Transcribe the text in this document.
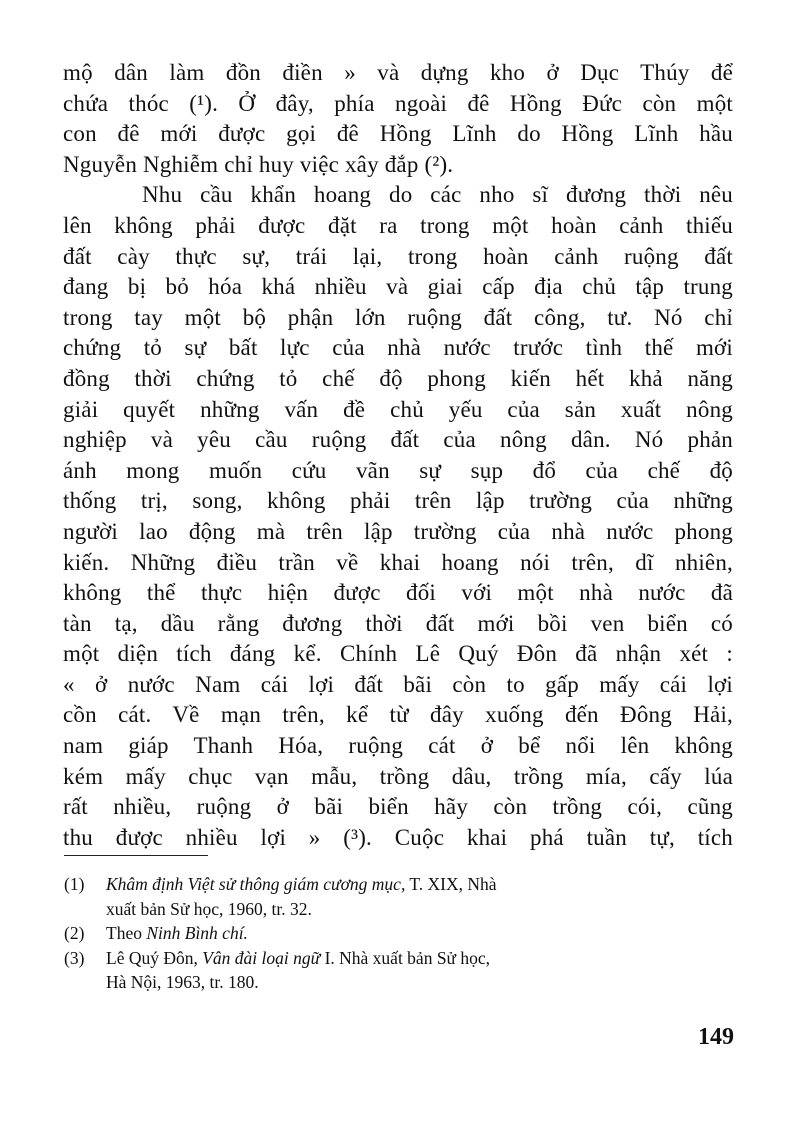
mộ dân làm đồn điền » và dựng kho ở Dục Thúy để
chứa thóc (¹). Ở đây, phía ngoài đê Hồng Đức còn một
con đê mới được gọi đê Hồng Lĩnh do Hồng Lĩnh hầu
Nguyễn Nghiễm chỉ huy việc xây đắp (²).
Nhu cầu khẩn hoang do các nho sĩ đương thời nêu
lên không phải được đặt ra trong một hoàn cảnh thiếu
đất cày thực sự, trái lại, trong hoàn cảnh ruộng đất
đang bị bỏ hóa khá nhiều và giai cấp địa chủ tập trung
trong tay một bộ phận lớn ruộng đất công, tư. Nó chỉ
chứng tỏ sự bất lực của nhà nước trước tình thế mới
đồng thời chứng tỏ chế độ phong kiến hết khả năng
giải quyết những vấn đề chủ yếu của sản xuất nông
nghiệp và yêu cầu ruộng đất của nông dân. Nó phản
ánh mong muốn cứu vãn sự sụp đổ của chế độ
thống trị, song, không phải trên lập trường của những
người lao động mà trên lập trường của nhà nước phong
kiến. Những điều trần về khai hoang nói trên, dĩ nhiên,
không thể thực hiện được đối với một nhà nước đã
tàn tạ, dầu rằng đương thời đất mới bồi ven biển có
một diện tích đáng kể. Chính Lê Quý Đôn đã nhận xét :
« ở nước Nam cái lợi đất bãi còn to gấp mấy cái lợi
cồn cát. Về mạn trên, kể từ đây xuống đến Đông Hải,
nam giáp Thanh Hóa, ruộng cát ở bể nổi lên không
kém mấy chục vạn mẫu, trồng dâu, trồng mía, cấy lúa
rất nhiều, ruộng ở bãi biển hãy còn trồng cói, cũng
thu được nhiều lợi » (³). Cuộc khai phá tuần tự, tích
(1) Khâm định Việt sử thông giám cương mục, T. XIX, Nhà
xuất bản Sử học, 1960, tr. 32.
(2) Theo Ninh Bình chí.
(3) Lê Quý Đôn, Vân đài loại ngữ I. Nhà xuất bản Sử học,
Hà Nội, 1963, tr. 180.
149
